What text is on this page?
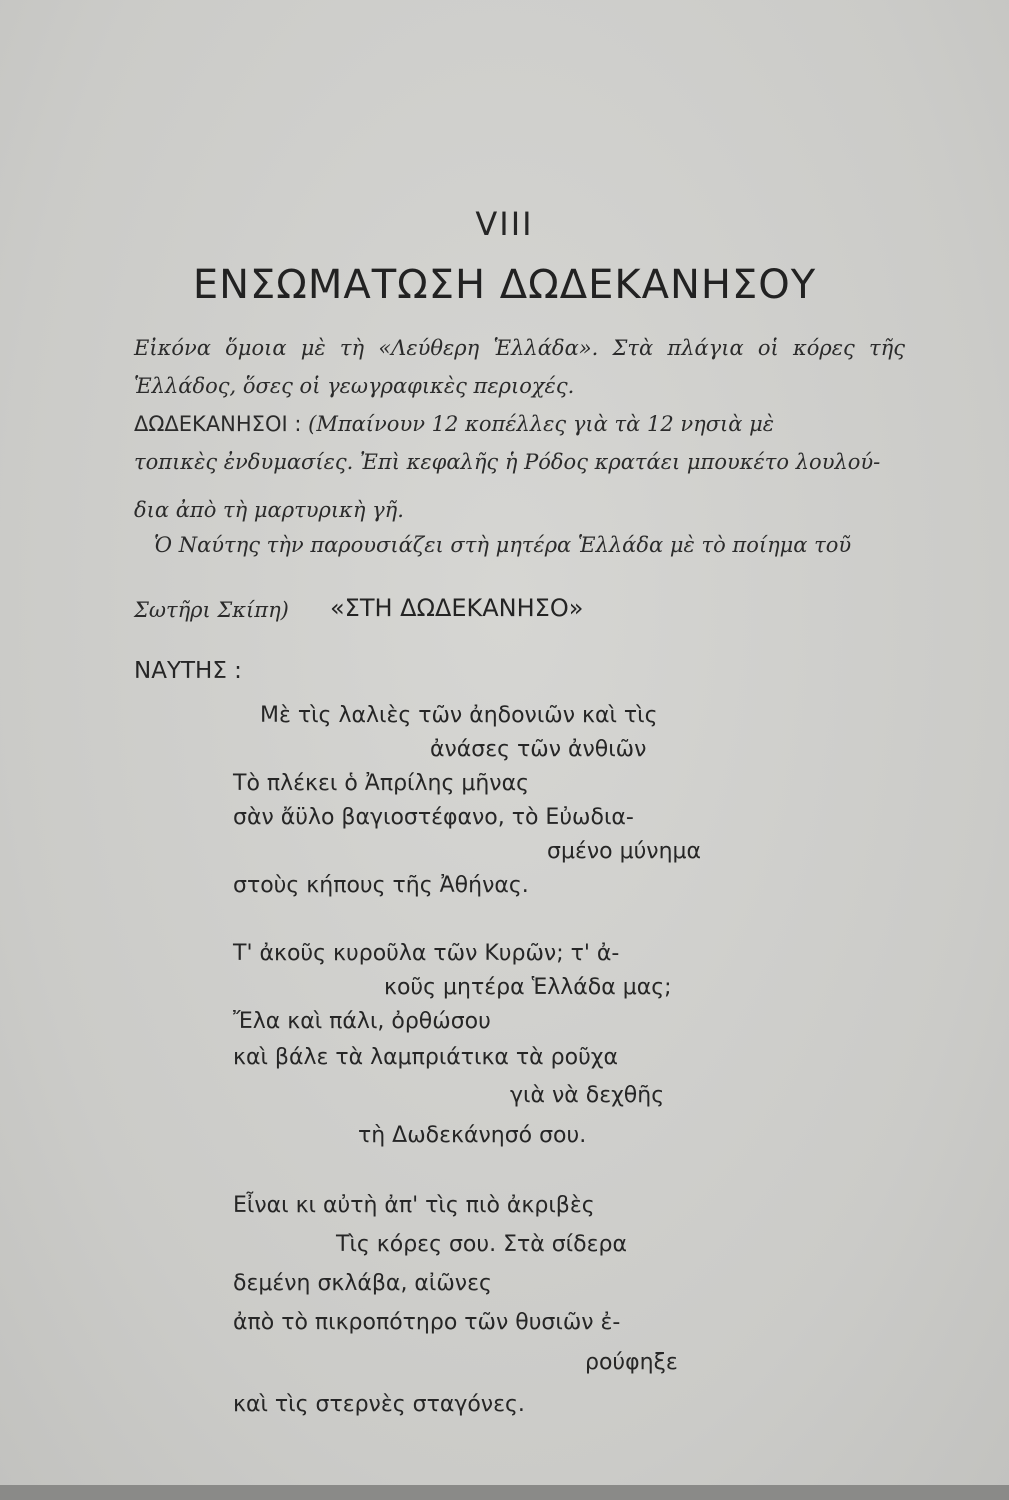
VIII
ΕΝΣΩΜΑΤΩΣΗ ΔΩΔΕΚΑΝΗΣΟΥ
Εἰκόνα ὅμοια μὲ τὴ «Λεύθερη Ἑλλάδα». Στὰ πλάγια οἱ κόρες τῆς
Ἑλλάδος, ὅσες οἱ γεωγραφικὲς περιοχές.
ΔΩΔΕΚΑΝΗΣΟΙ : (Μπαίνουν 12 κοπέλλες γιὰ τὰ 12 νησιὰ μὲ
τοπικὲς ἐνδυμασίες. Ἐπὶ κεφαλῆς ἡ Ρόδος κρατάει μπουκέτο λουλού-
δια ἀπὸ τὴ μαρτυρικὴ γῆ.
Ὁ Ναύτης τὴν παρουσιάζει στὴ μητέρα Ἑλλάδα μὲ τὸ ποίημα τοῦ
Σωτῆρι Σκίπη) «ΣΤΗ ΔΩΔΕΚΑΝΗΣΟ»
ΝΑΥΤΗΣ :
Μὲ τὶς λαλιὲς τῶν ἀηδονιῶν καὶ τὶς
ἀνάσες τῶν ἀνθιῶν
Τὸ πλέκει ὁ Ἀπρίλης μῆνας
σὰν ἄϋλο βαγιοστέφανο, τὸ Εὐωδια-
σμένο μύνημα
στοὺς κήπους τῆς Ἀθήνας.
Τ' ἀκοῦς κυροῦλα τῶν Κυρῶν; τ' ἀ-
κοῦς μητέρα Ἑλλάδα μας;
Ἔλα καὶ πάλι, ὀρθώσου
καὶ βάλε τὰ λαμπριάτικα τὰ ροῦχα
γιὰ νὰ δεχθῆς
τὴ Δωδεκάνησό σου.
Εἶναι κι αὐτὴ ἀπ' τὶς πιὸ ἀκριβὲς
Τὶς κόρες σου. Στὰ σίδερα
δεμένη σκλάβα, αἰῶνες
ἀπὸ τὸ πικροπότηρο τῶν θυσιῶν ἐ-
ρούφηξε
καὶ τὶς στερνὲς σταγόνες.
